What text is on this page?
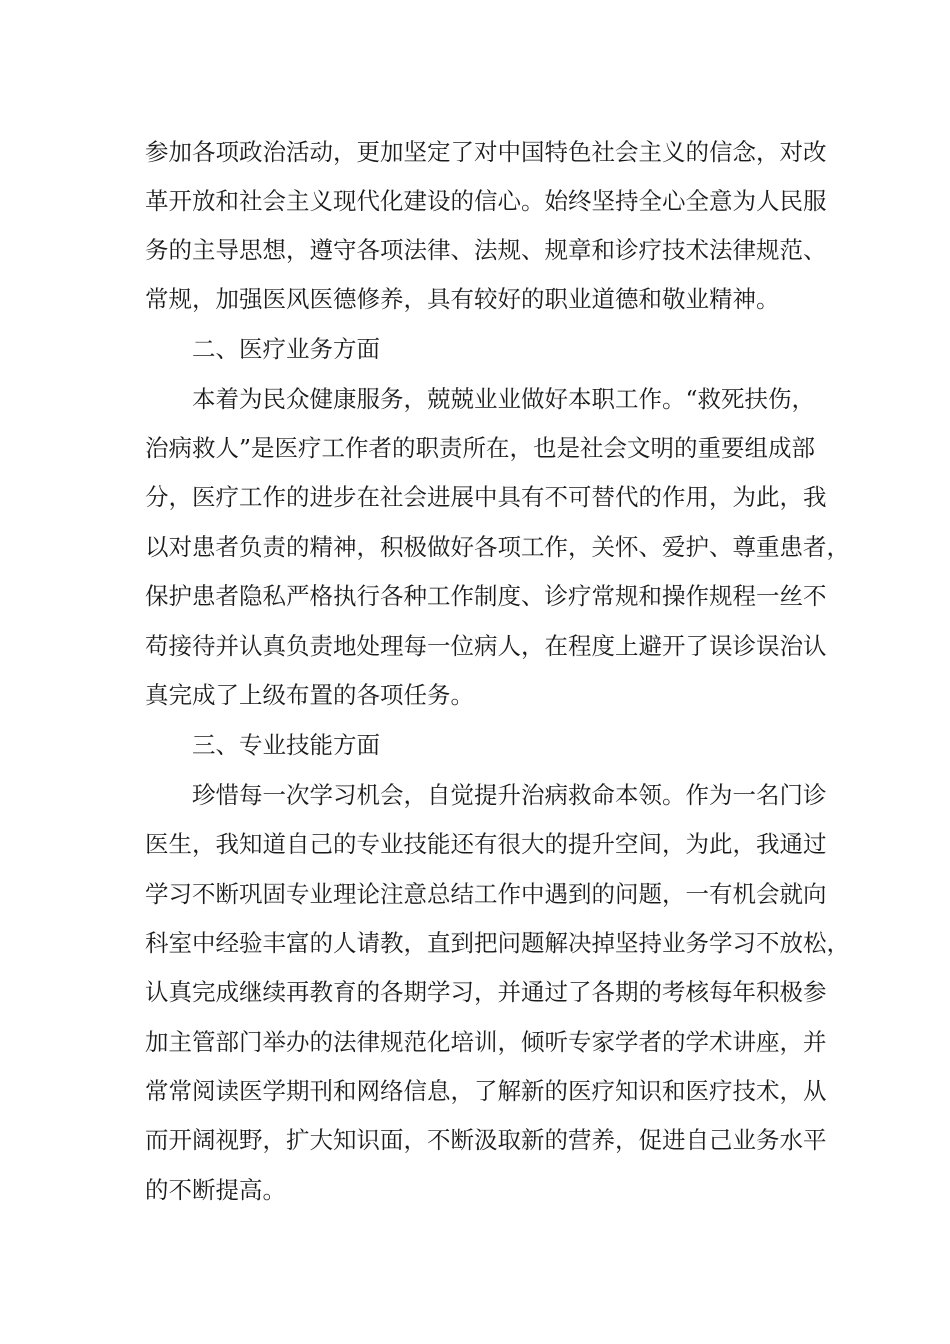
参加各项政治活动，更加坚定了对中国特色社会主义的信念，对改
革开放和社会主义现代化建设的信心。始终坚持全心全意为人民服
务的主导思想，遵守各项法律、法规、规章和诊疗技术法律规范、
常规，加强医风医德修养，具有较好的职业道德和敬业精神。
二、医疗业务方面
本着为民众健康服务，兢兢业业做好本职工作。“救死扶伤，
治病救人”是医疗工作者的职责所在，也是社会文明的重要组成部
分，医疗工作的进步在社会进展中具有不可替代的作用，为此，我
以对患者负责的精神，积极做好各项工作，关怀、爱护、尊重患者，
保护患者隐私严格执行各种工作制度、诊疗常规和操作规程一丝不
苟接待并认真负责地处理每一位病人，在程度上避开了误诊误治认
真完成了上级布置的各项任务。
三、专业技能方面
珍惜每一次学习机会，自觉提升治病救命本领。作为一名门诊
医生，我知道自己的专业技能还有很大的提升空间，为此，我通过
学习不断巩固专业理论注意总结工作中遇到的问题，一有机会就向
科室中经验丰富的人请教，直到把问题解决掉坚持业务学习不放松，
认真完成继续再教育的各期学习，并通过了各期的考核每年积极参
加主管部门举办的法律规范化培训，倾听专家学者的学术讲座，并
常常阅读医学期刊和网络信息，了解新的医疗知识和医疗技术，从
而开阔视野，扩大知识面，不断汲取新的营养，促进自己业务水平
的不断提高。
